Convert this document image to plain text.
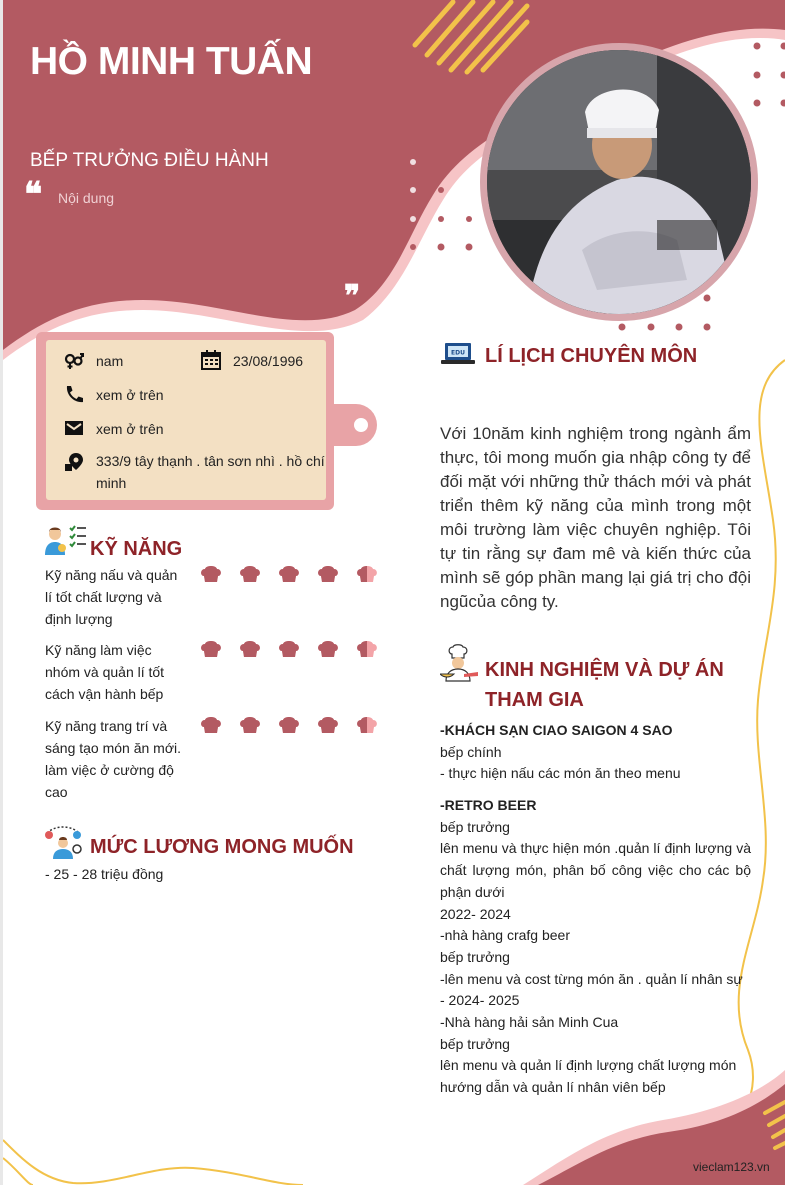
HỒ MINH TUẤN
BẾP TRƯỞNG ĐIỀU HÀNH
❝ Nội dung
❞
nam	23/08/1996
xem ở trên
xem ở trên
333/9 tây thạnh . tân sơn nhì . hồ chí minh
KỸ NĂNG
Kỹ năng nấu và quản lí tốt chất lượng và định lượng
Kỹ năng làm việc nhóm và quản lí tốt cách vận hành bếp
Kỹ năng trang trí và sáng tạo món ăn mới. làm việc ở cường độ cao
MỨC LƯƠNG MONG MUỐN
- 25 - 28 triệu đồng
EDU LÍ LỊCH CHUYÊN MÔN
Với 10năm kinh nghiệm trong ngành ẩm thực, tôi mong muốn gia nhập công ty để đối mặt với những thử thách mới và phát triển thêm kỹ năng của mình trong một môi trường làm việc chuyên nghiệp. Tôi tự tin rằng sự đam mê và kiến thức của mình sẽ góp phần mang lại giá trị cho đội ngũcủa công ty.
KINH NGHIỆM VÀ DỰ ÁN
THAM GIA
-KHÁCH SẠN CIAO SAIGON 4 SAO
bếp chính
- thực hiện nấu các món ăn theo menu
-RETRO BEER
bếp trưởng
lên menu và thực hiện món .quản lí định lượng và chất lượng món, phân bố công việc cho các bộ phận dưới
2022- 2024
-nhà hàng crafg beer
bếp trưởng
-lên menu và cost từng món ăn . quản lí nhân sự
- 2024- 2025
-Nhà hàng hải sản Minh Cua
bếp trưởng
lên menu và quản lí định lượng chất lượng món
hướng dẫn và quản lí nhân viên bếp
vieclam123.vn
